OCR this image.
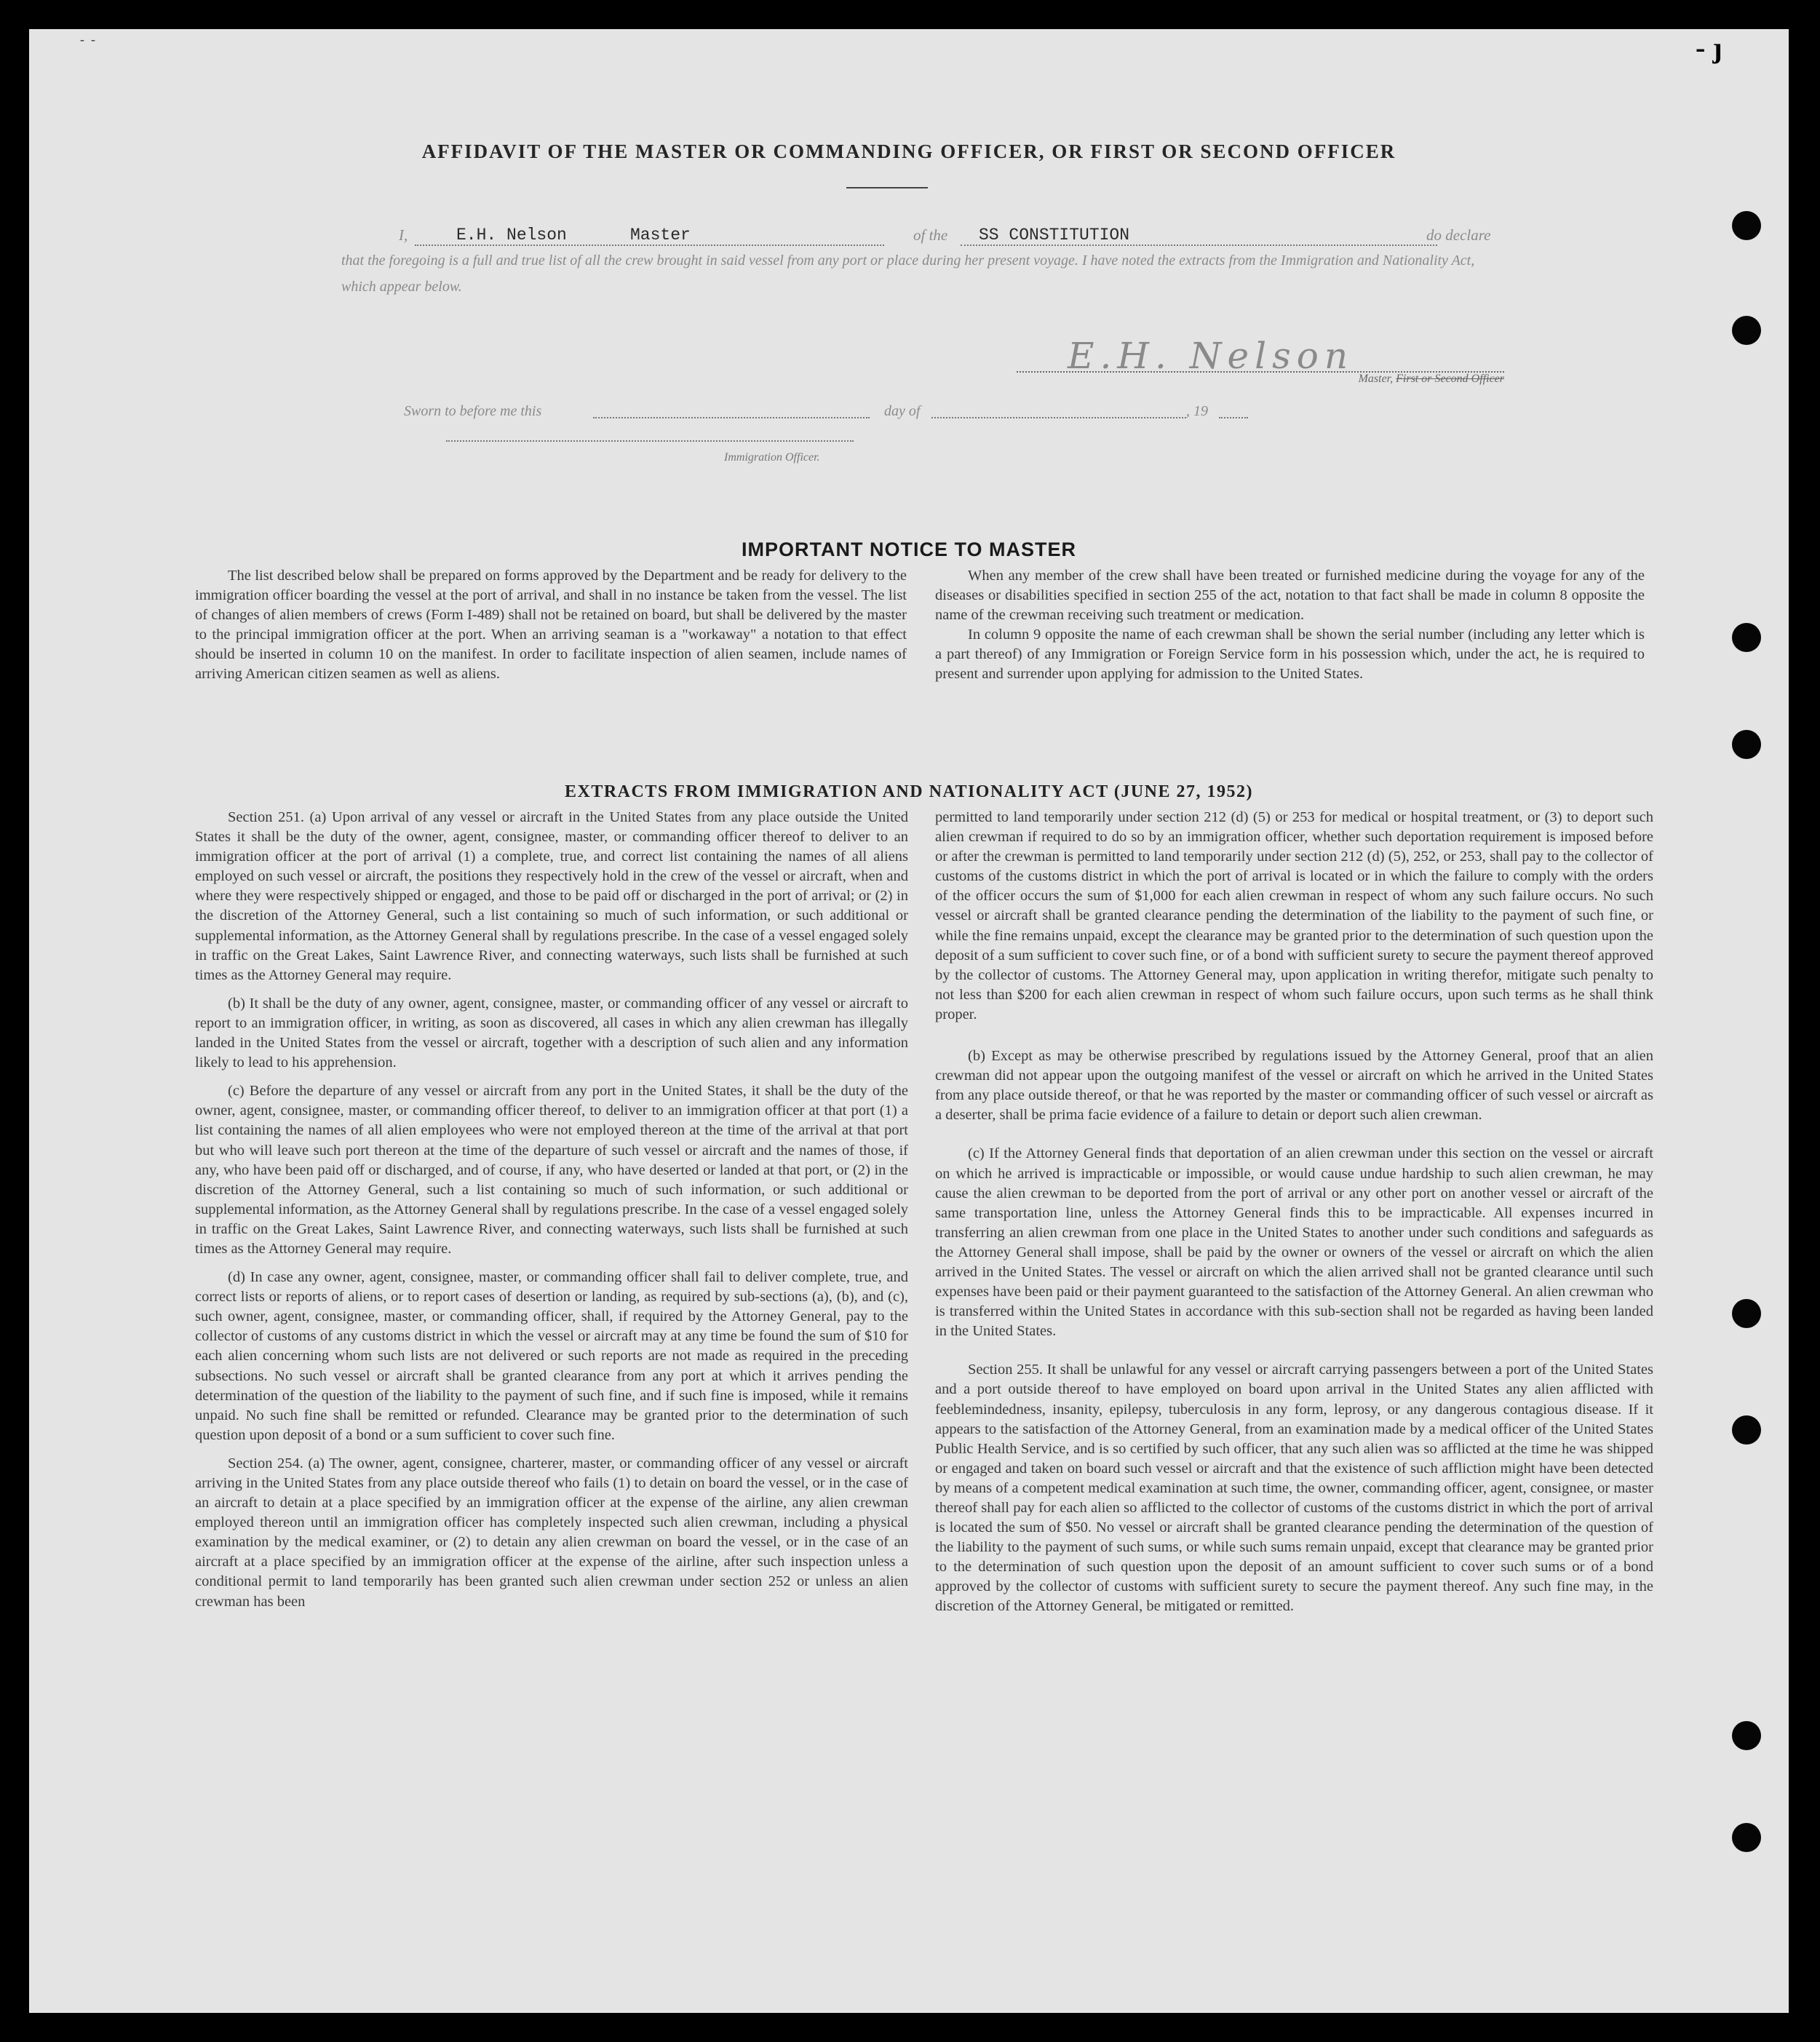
‑  ‑	- ȷ
AFFIDAVIT OF THE MASTER OR COMMANDING OFFICER, OR FIRST OR SECOND OFFICER
I,	E.H. Nelson	Master	of the SS CONSTITUTION	do declare
that the foregoing is a full and true list of all the crew brought in said vessel from any port or place during her present voyage. I have noted the extracts from the Immigration and Nationality Act, which appear below.
E.H. Nelson
Master, First or Second Officer
Sworn to before me this	day of	, 19
Immigration Officer.
IMPORTANT NOTICE TO MASTER

The list described below shall be prepared on forms approved by the Department and be ready for delivery to the immigration officer boarding the vessel at the port of arrival, and shall in no instance be taken from the vessel. The list of changes of alien members of crews (Form I-489) shall not be retained on board, but shall be delivered by the master to the principal immigration officer at the port. When an arriving seaman is a "workaway" a notation to that effect should be inserted in column 10 on the manifest. In order to facilitate inspection of alien seamen, include names of arriving American citizen seamen as well as aliens.

When any member of the crew shall have been treated or furnished medicine during the voyage for any of the diseases or disabilities specified in section 255 of the act, notation to that fact shall be made in column 8 opposite the name of the crewman receiving such treatment or medication.

In column 9 opposite the name of each crewman shall be shown the serial number (including any letter which is a part thereof) of any Immigration or Foreign Service form in his possession which, under the act, he is required to present and surrender upon applying for admission to the United States.

EXTRACTS FROM IMMIGRATION AND NATIONALITY ACT (JUNE 27, 1952)

Section 251. (a) Upon arrival of any vessel or aircraft in the United States from any place outside the United States it shall be the duty of the owner, agent, consignee, master, or commanding officer thereof to deliver to an immigration officer at the port of arrival (1) a complete, true, and correct list containing the names of all aliens employed on such vessel or aircraft, the positions they respectively hold in the crew of the vessel or aircraft, when and where they were respectively shipped or engaged, and those to be paid off or discharged in the port of arrival; or (2) in the discretion of the Attorney General, such a list containing so much of such information, or such additional or supplemental information, as the Attorney General shall by regulations prescribe. In the case of a vessel engaged solely in traffic on the Great Lakes, Saint Lawrence River, and connecting waterways, such lists shall be furnished at such times as the Attorney General may require.

(b) It shall be the duty of any owner, agent, consignee, master, or commanding officer of any vessel or aircraft to report to an immigration officer, in writing, as soon as discovered, all cases in which any alien crewman has illegally landed in the United States from the vessel or aircraft, together with a description of such alien and any information likely to lead to his apprehension.

(c) Before the departure of any vessel or aircraft from any port in the United States, it shall be the duty of the owner, agent, consignee, master, or commanding officer thereof, to deliver to an immigration officer at that port (1) a list containing the names of all alien employees who were not employed thereon at the time of the arrival at that port but who will leave such port thereon at the time of the departure of such vessel or aircraft and the names of those, if any, who have been paid off or discharged, and of course, if any, who have deserted or landed at that port, or (2) in the discretion of the Attorney General, such a list containing so much of such information, or such additional or supplemental information, as the Attorney General shall by regulations prescribe. In the case of a vessel engaged solely in traffic on the Great Lakes, Saint Lawrence River, and connecting waterways, such lists shall be furnished at such times as the Attorney General may require.

(d) In case any owner, agent, consignee, master, or commanding officer shall fail to deliver complete, true, and correct lists or reports of aliens, or to report cases of desertion or landing, as required by sub-sections (a), (b), and (c), such owner, agent, consignee, master, or commanding officer, shall, if required by the Attorney General, pay to the collector of customs of any customs district in which the vessel or aircraft may at any time be found the sum of $10 for each alien concerning whom such lists are not delivered or such reports are not made as required in the preceding subsections. No such vessel or aircraft shall be granted clearance from any port at which it arrives pending the determination of the question of the liability to the payment of such fine, and if such fine is imposed, while it remains unpaid. No such fine shall be remitted or refunded. Clearance may be granted prior to the determination of such question upon deposit of a bond or a sum sufficient to cover such fine.

Section 254. (a) The owner, agent, consignee, charterer, master, or commanding officer of any vessel or aircraft arriving in the United States from any place outside thereof who fails (1) to detain on board the vessel, or in the case of an aircraft to detain at a place specified by an immigration officer at the expense of the airline, any alien crewman employed thereon until an immigration officer has completely inspected such alien crewman, including a physical examination by the medical examiner, or (2) to detain any alien crewman on board the vessel, or in the case of an aircraft at a place specified by an immigration officer at the expense of the airline, after such inspection unless a conditional permit to land temporarily has been granted such alien crewman under section 252 or unless an alien crewman has been

permitted to land temporarily under section 212 (d) (5) or 253 for medical or hospital treatment, or (3) to deport such alien crewman if required to do so by an immigration officer, whether such deportation requirement is imposed before or after the crewman is permitted to land temporarily under section 212 (d) (5), 252, or 253, shall pay to the collector of customs of the customs district in which the port of arrival is located or in which the failure to comply with the orders of the officer occurs the sum of $1,000 for each alien crewman in respect of whom any such failure occurs. No such vessel or aircraft shall be granted clearance pending the determination of the liability to the payment of such fine, or while the fine remains unpaid, except the clearance may be granted prior to the determination of such question upon the deposit of a sum sufficient to cover such fine, or of a bond with sufficient surety to secure the payment thereof approved by the collector of customs. The Attorney General may, upon application in writing therefor, mitigate such penalty to not less than $200 for each alien crewman in respect of whom such failure occurs, upon such terms as he shall think proper.

(b) Except as may be otherwise prescribed by regulations issued by the Attorney General, proof that an alien crewman did not appear upon the outgoing manifest of the vessel or aircraft on which he arrived in the United States from any place outside thereof, or that he was reported by the master or commanding officer of such vessel or aircraft as a deserter, shall be prima facie evidence of a failure to detain or deport such alien crewman.

(c) If the Attorney General finds that deportation of an alien crewman under this section on the vessel or aircraft on which he arrived is impracticable or impossible, or would cause undue hardship to such alien crewman, he may cause the alien crewman to be deported from the port of arrival or any other port on another vessel or aircraft of the same transportation line, unless the Attorney General finds this to be impracticable. All expenses incurred in transferring an alien crewman from one place in the United States to another under such conditions and safeguards as the Attorney General shall impose, shall be paid by the owner or owners of the vessel or aircraft on which the alien arrived in the United States. The vessel or aircraft on which the alien arrived shall not be granted clearance until such expenses have been paid or their payment guaranteed to the satisfaction of the Attorney General. An alien crewman who is transferred within the United States in accordance with this sub-section shall not be regarded as having been landed in the United States.

Section 255. It shall be unlawful for any vessel or aircraft carrying passengers between a port of the United States and a port outside thereof to have employed on board upon arrival in the United States any alien afflicted with feeblemindedness, insanity, epilepsy, tuberculosis in any form, leprosy, or any dangerous contagious disease. If it appears to the satisfaction of the Attorney General, from an examination made by a medical officer of the United States Public Health Service, and is so certified by such officer, that any such alien was so afflicted at the time he was shipped or engaged and taken on board such vessel or aircraft and that the existence of such affliction might have been detected by means of a competent medical examination at such time, the owner, commanding officer, agent, consignee, or master thereof shall pay for each alien so afflicted to the collector of customs of the customs district in which the port of arrival is located the sum of $50. No vessel or aircraft shall be granted clearance pending the determination of the question of the liability to the payment of such sums, or while such sums remain unpaid, except that clearance may be granted prior to the determination of such question upon the deposit of an amount sufficient to cover such sums or of a bond approved by the collector of customs with sufficient surety to secure the payment thereof. Any such fine may, in the discretion of the Attorney General, be mitigated or remitted.
